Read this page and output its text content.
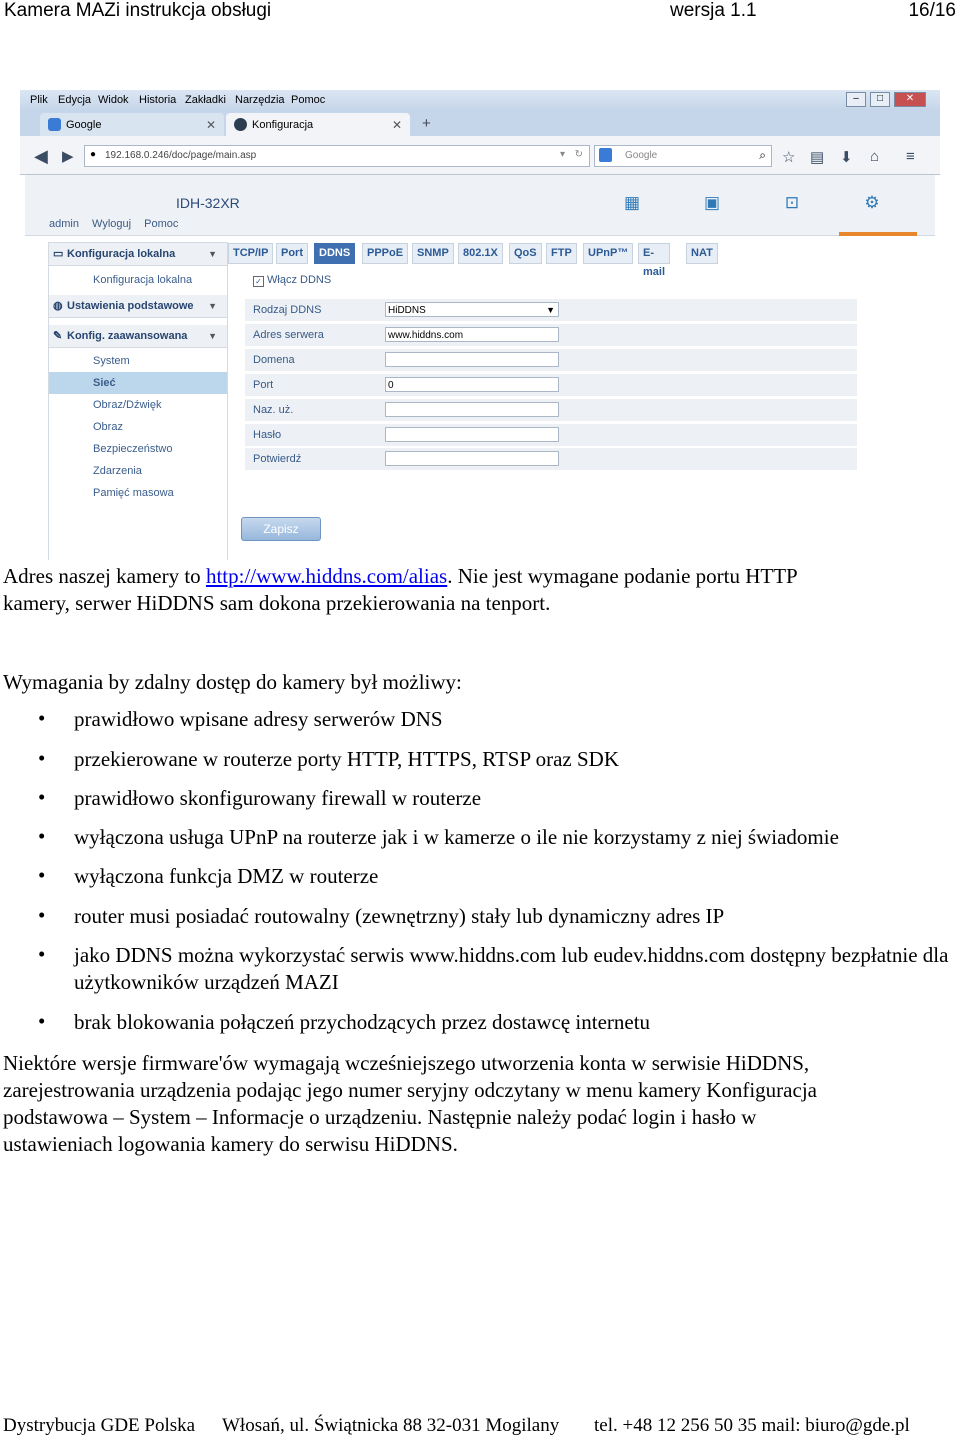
Kamera MAZi instrukcja obsługi	wersja 1.1	16/16
Plik Edycja Widok Historia Zakładki Narzędzia Pomoc	–	□	✕
Google	✕	Konfiguracja	✕ +
◀ ▶ ● 192.168.0.246/doc/page/main.asp	▾ ↻	Google	⌕ ☆ ▤ ⬇ ⌂ ≡
IDH-32XR
admin Wyloguj Pomoc
▦	▣	⊡	⚙
▭ Konfiguracja lokalna	▼
Konfiguracja lokalna
◍ Ustawienia podstawowe ▼
✎ Konfig. zaawansowana ▼
System
Sieć
Obraz/Dźwięk
Obraz
Bezpieczeństwo
Zdarzenia
Pamięć masowa
TCP/IP	Port	DDNS	PPPoE	SNMP	802.1X	QoS	FTP	UPnP™	E-mail
NAT
✓ Włącz DDNS
Rodzaj DDNS	HiDDNS	▼
Adres serwera	www.hiddns.com
Domena
Port	0
Naz. uż.
Hasło
Potwierdź
Zapisz
Adres naszej kamery to http://www.hiddns.com/alias. Nie jest wymagane podanie portu HTTP
kamery, serwer HiDDNS sam dokona przekierowania na tenport.
Wymagania by zdalny dostęp do kamery był możliwy:
• prawidłowo wpisane adresy serwerów DNS
• przekierowane w routerze porty HTTP, HTTPS, RTSP oraz SDK
• prawidłowo skonfigurowany firewall w routerze
• wyłączona usługa UPnP na routerze jak i w kamerze o ile nie korzystamy z niej świadomie
• wyłączona funkcja DMZ w routerze
• router musi posiadać routowalny (zewnętrzny) stały lub dynamiczny adres IP
• jako DDNS można wykorzystać serwis www.hiddns.com lub eudev.hiddns.com dostępny bezpłatnie dla użytkowników urządzeń MAZI
• brak blokowania połączeń przychodzących przez dostawcę internetu
Niektóre wersje firmware'ów wymagają wcześniejszego utworzenia konta w serwisie HiDDNS,
zarejestrowania urządzenia podając jego numer seryjny odczytany w menu kamery Konfiguracja
podstawowa – System – Informacje o urządzeniu. Następnie należy podać login i hasło w
ustawieniach logowania kamery do serwisu HiDDNS.
Dystrybucja GDE Polska Włosań, ul. Świątnicka 88 32-031 Mogilany tel. +48 12 256 50 35 mail: biuro@gde.pl
